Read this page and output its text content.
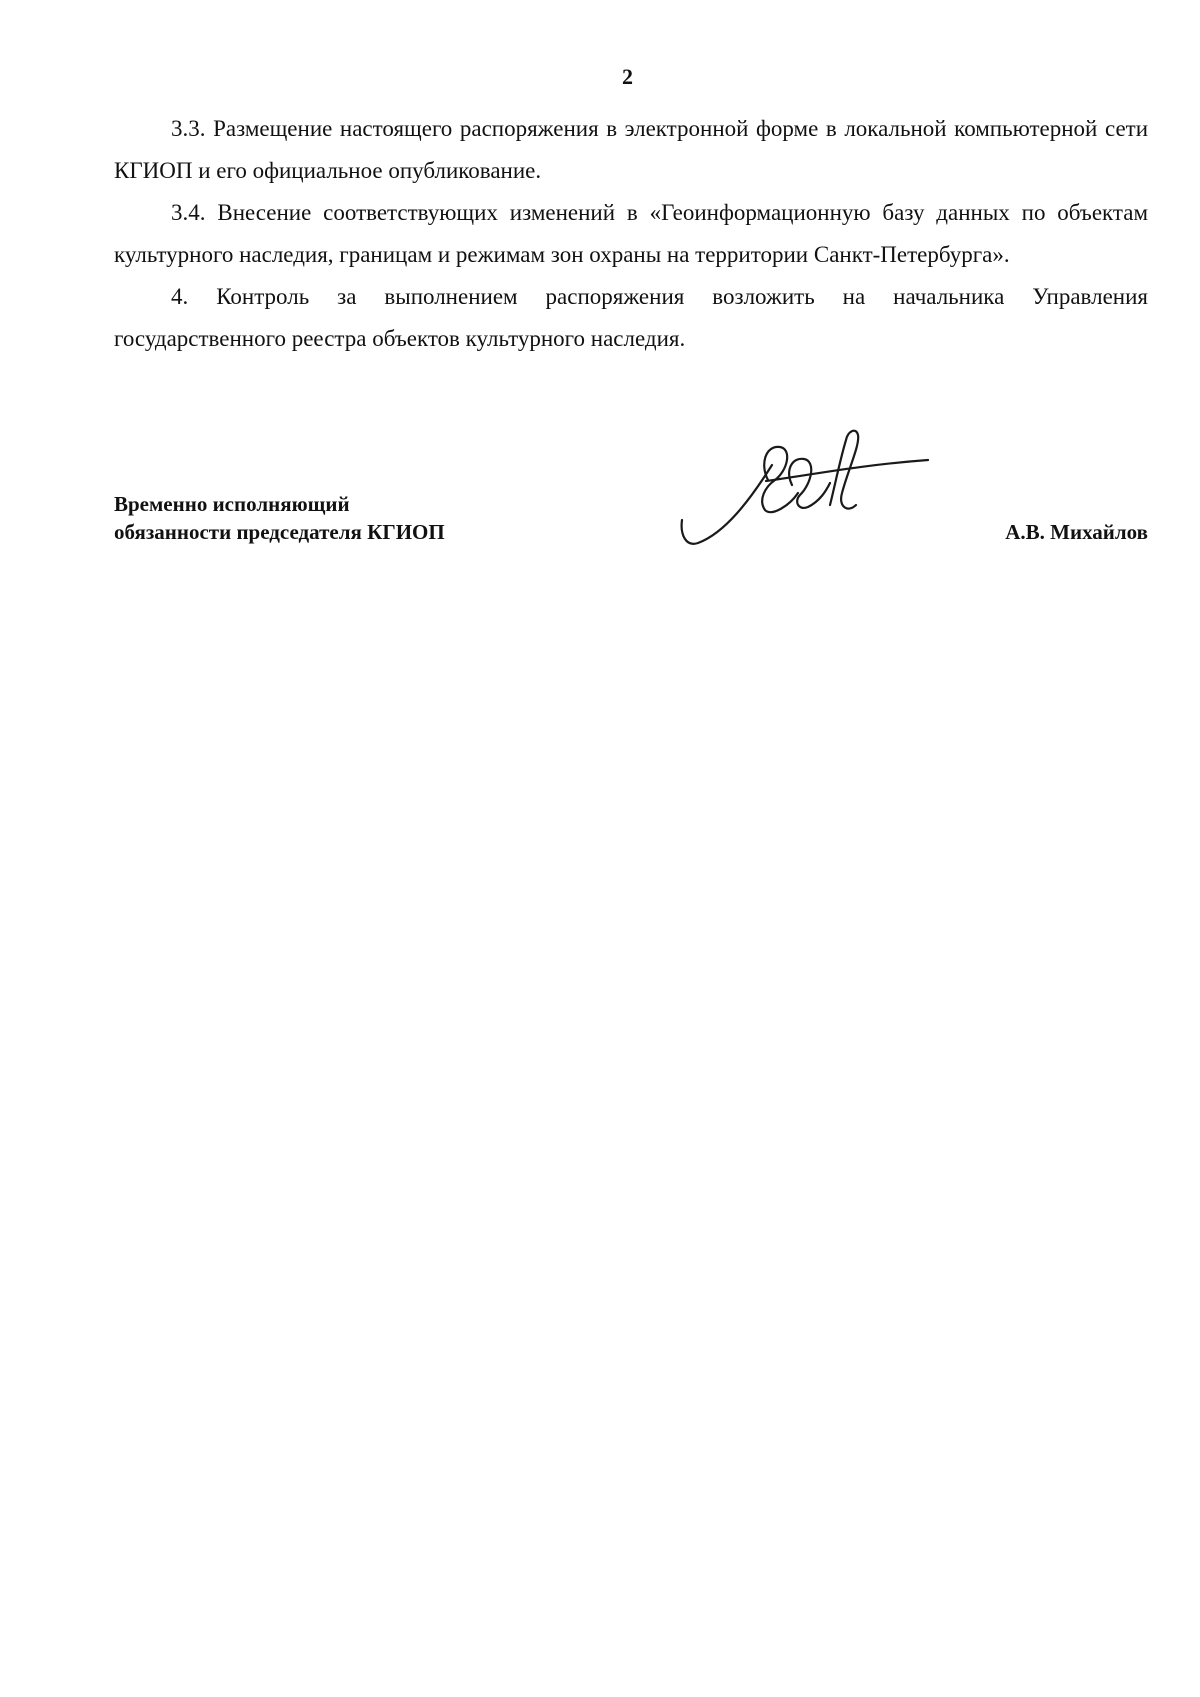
2

3.3. Размещение настоящего распоряжения в электронной форме в локальной компьютерной сети КГИОП и его официальное опубликование.

3.4. Внесение соответствующих изменений в «Геоинформационную базу данных по объектам культурного наследия, границам и режимам зон охраны на территории Санкт-Петербурга».

4. Контроль за выполнением распоряжения возложить на начальника Управления государственного реестра объектов культурного наследия.

Временно исполняющий
обязанности председателя КГИОП	А.В. Михайлов
